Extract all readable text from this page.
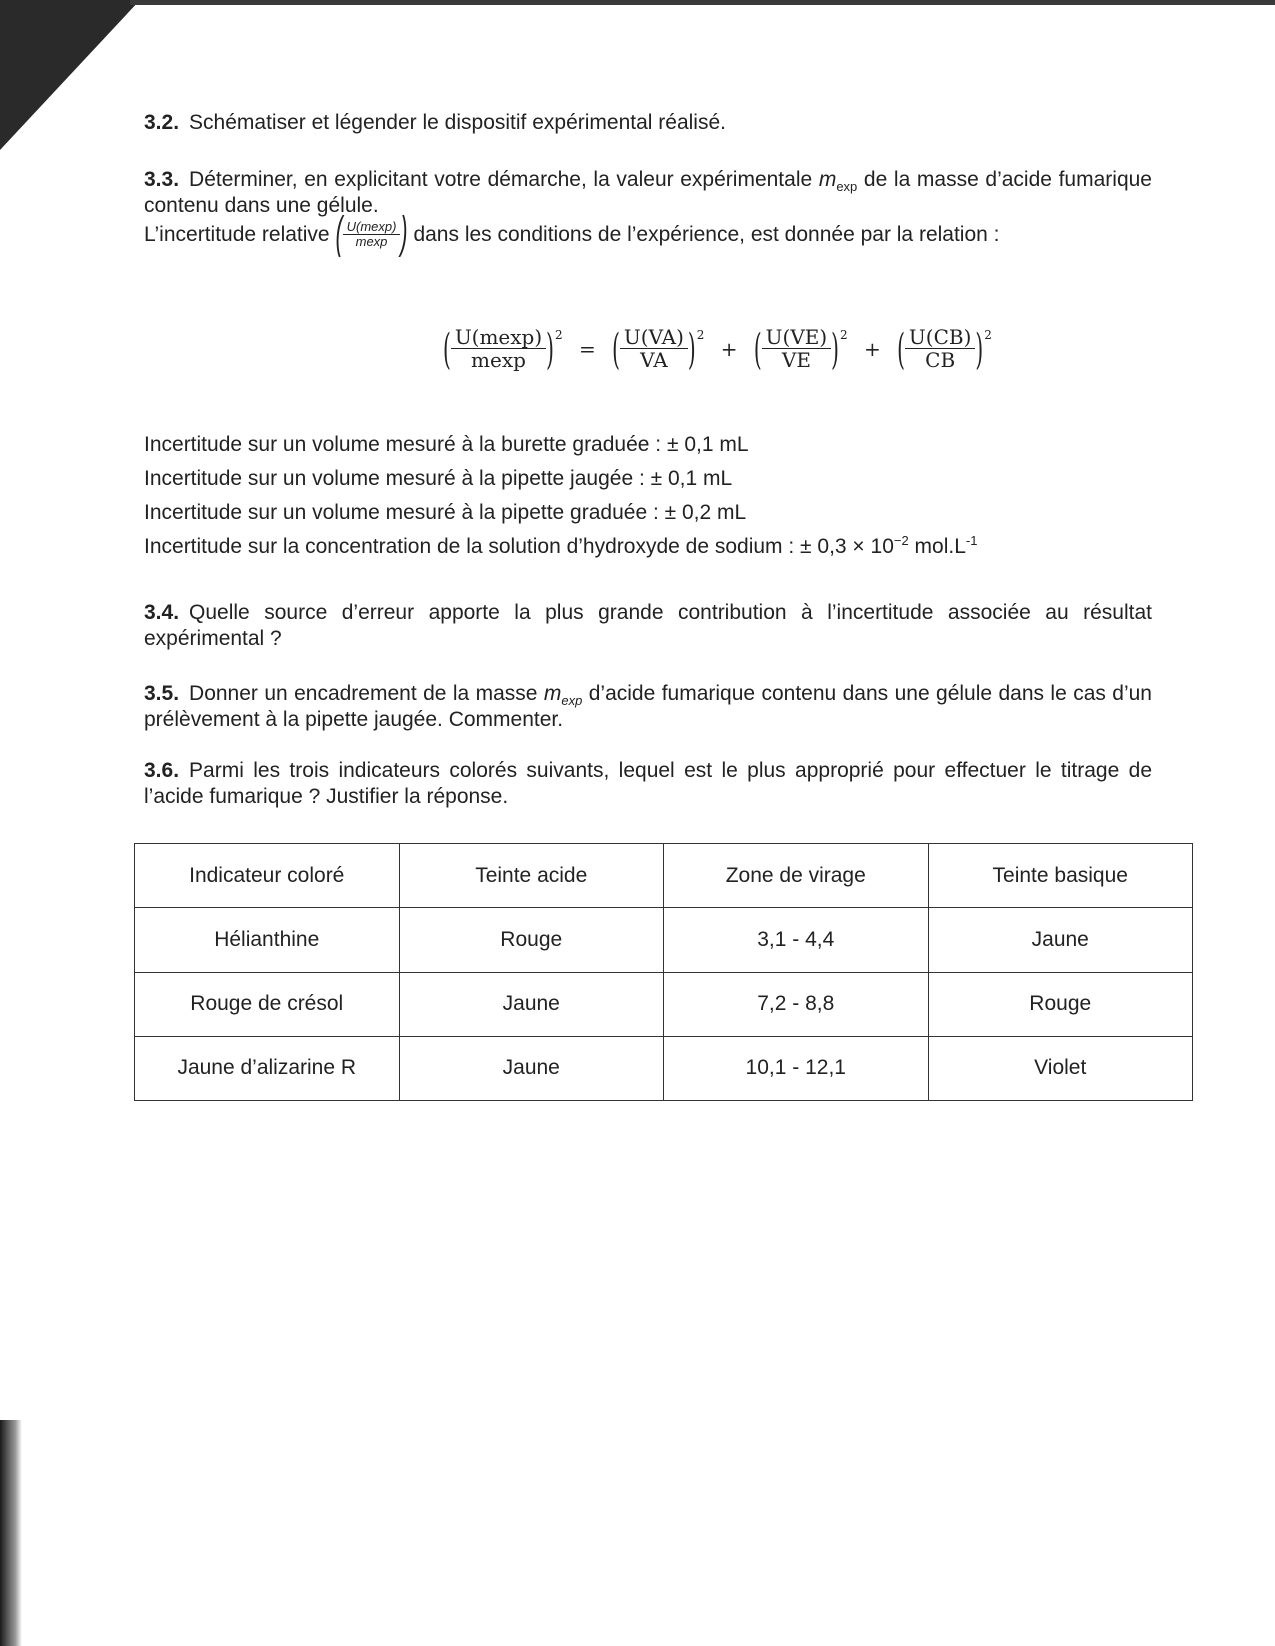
3.2. Schématiser et légender le dispositif expérimental réalisé.
3.3. Déterminer, en explicitant votre démarche, la valeur expérimentale $m_{exp}$ de la masse d’acide fumarique contenu dans une gélule.
L’incertitude relative ( $\frac{U(mexp)}{mexp}$ ) dans les conditions de l’expérience, est donnée par la relation :
( $\frac{U(mexp)}{mexp}$ ) 2
= ( $\frac{U(VA)}{VA}$ ) 2
+ ( $\frac{U(VE)}{VE}$ ) 2
+ ( $\frac{U(CB)}{CB}$ ) 2
Incertitude sur un volume mesuré à la burette graduée : ± 0,1 mL
Incertitude sur un volume mesuré à la pipette jaugée : ± 0,1 mL
Incertitude sur un volume mesuré à la pipette graduée : ± 0,2 mL
Incertitude sur la concentration de la solution d’hydroxyde de sodium : ± $0,3 \times 10^{-2}$ $mol.L^{-1}$
3.4. Quelle source d’erreur apporte la plus grande contribution à l’incertitude associée au résultat expérimental ?
3.5. Donner un encadrement de la masse $m_{exp}$ d’acide fumarique contenu dans une gélule dans le cas d’un prélèvement à la pipette jaugée. Commenter.
3.6. Parmi les trois indicateurs colorés suivants, lequel est le plus approprié pour effectuer le titrage de l’acide fumarique ? Justifier la réponse.
Indicateur coloré	Teinte acide	Zone de virage	Teinte basique
Hélianthine	Rouge	3,1 - 4,4	Jaune
Rouge de crésol	Jaune	7,2 - 8,8	Rouge
Jaune d’alizarine R	Jaune	10,1 - 12,1	Violet
